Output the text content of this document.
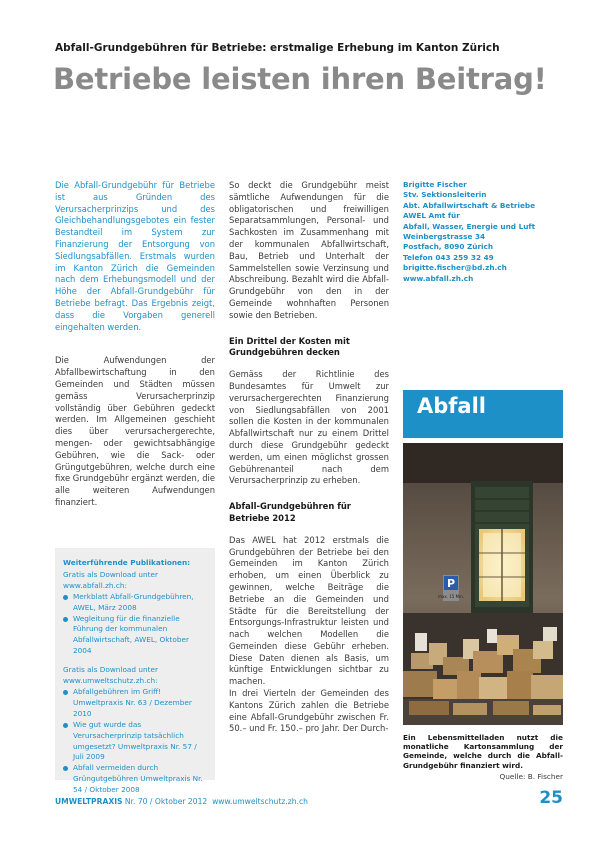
Abfall-Grundgebühren für Betriebe: erstmalige Erhebung im Kanton Zürich
Betriebe leisten ihren Beitrag!

Die Abfall-Grundgebühr für Betriebe ist aus Gründen des Verursacherprinzips und des Gleichbehandlungsgebotes ein fester Bestandteil im System zur Finanzierung der Entsorgung von Siedlungsabfällen. Erstmals wurden im Kanton Zürich die Gemeinden nach dem Erhebungsmodell und der Höhe der Abfall-Grundgebühr für Betriebe befragt. Das Ergebnis zeigt, dass die Vorgaben generell eingehalten werden.

Die Aufwendungen der Abfallbewirtschaftung in den Gemeinden und Städten müssen gemäss Verursacherprinzip vollständig über Gebühren gedeckt werden. Im Allgemeinen geschieht dies über verursachergerechte, mengen- oder gewichtsabhängige Gebühren, wie die Sack- oder Grüngutgebühren, welche durch eine fixe Grundgebühr ergänzt werden, die alle weiteren Aufwendungen finanziert.

Weiterführende Publikationen:
Gratis als Download unter www.abfall.zh.ch:
Merkblatt Abfall-Grundgebühren, AWEL, März 2008
Wegleitung für die finanzielle Führung der kommunalen Abfallwirtschaft, AWEL, Oktober 2004
Gratis als Download unter www.umweltschutz.zh.ch:
Abfallgebühren im Griff! Umweltpraxis Nr. 63 / Dezember 2010
Wie gut wurde das Verursacherprinzip tatsächlich umgesetzt? Umweltpraxis Nr. 57 / Juli 2009
Abfall vermeiden durch Grüngutgebühren Umweltpraxis Nr. 54 / Oktober 2008

So deckt die Grundgebühr meist sämtliche Aufwendungen für die obligatorischen und freiwilligen Separatsammlungen, Personal- und Sachkosten im Zusammenhang mit der kommunalen Abfallwirtschaft, Bau, Betrieb und Unterhalt der Sammelstellen sowie Verzinsung und Abschreibung. Bezahlt wird die Abfall-Grundgebühr von den in der Gemeinde wohnhaften Personen sowie den Betrieben.

Ein Drittel der Kosten mit Grundgebühren decken

Gemäss der Richtlinie des Bundesamtes für Umwelt zur verursachergerechten Finanzierung von Siedlungsabfällen von 2001 sollen die Kosten in der kommunalen Abfallwirtschaft nur zu einem Drittel durch diese Grundgebühr gedeckt werden, um einen möglichst grossen Gebührenanteil nach dem Verursacherprinzip zu erheben.

Abfall-Grundgebühren für Betriebe 2012

Das AWEL hat 2012 erstmals die Grundgebühren der Betriebe bei den Gemeinden im Kanton Zürich erhoben, um einen Überblick zu gewinnen, welche Beiträge die Betriebe an die Gemeinden und Städte für die Bereitstellung der Entsorgungs-Infrastruktur leisten und nach welchen Modellen die Gemeinden diese Gebühr erheben. Diese Daten dienen als Basis, um künftige Entwicklungen sichtbar zu machen.

In drei Vierteln der Gemeinden des Kantons Zürich zahlen die Betriebe eine Abfall-Grundgebühr zwischen Fr. 50.– und Fr. 150.– pro Jahr. Der Durch-

Brigitte Fischer
Stv. Sektionsleiterin
Abt. Abfallwirtschaft & Betriebe
AWEL Amt für
Abfall, Wasser, Energie und Luft
Weinbergstrasse 34
Postfach, 8090 Zürich
Telefon 043 259 32 49
brigitte.fischer@bd.zh.ch
www.abfall.zh.ch
Abfall
P
max. 15 Min.
Ein Lebensmittelladen nutzt die monatliche Kartonsammlung der Gemeinde, welche durch die Abfall-Grundgebühr finanziert wird.
Quelle: B. Fischer
UMWELTPRAXIS Nr. 70 / Oktober 2012  www.umweltschutz.zh.ch	25
